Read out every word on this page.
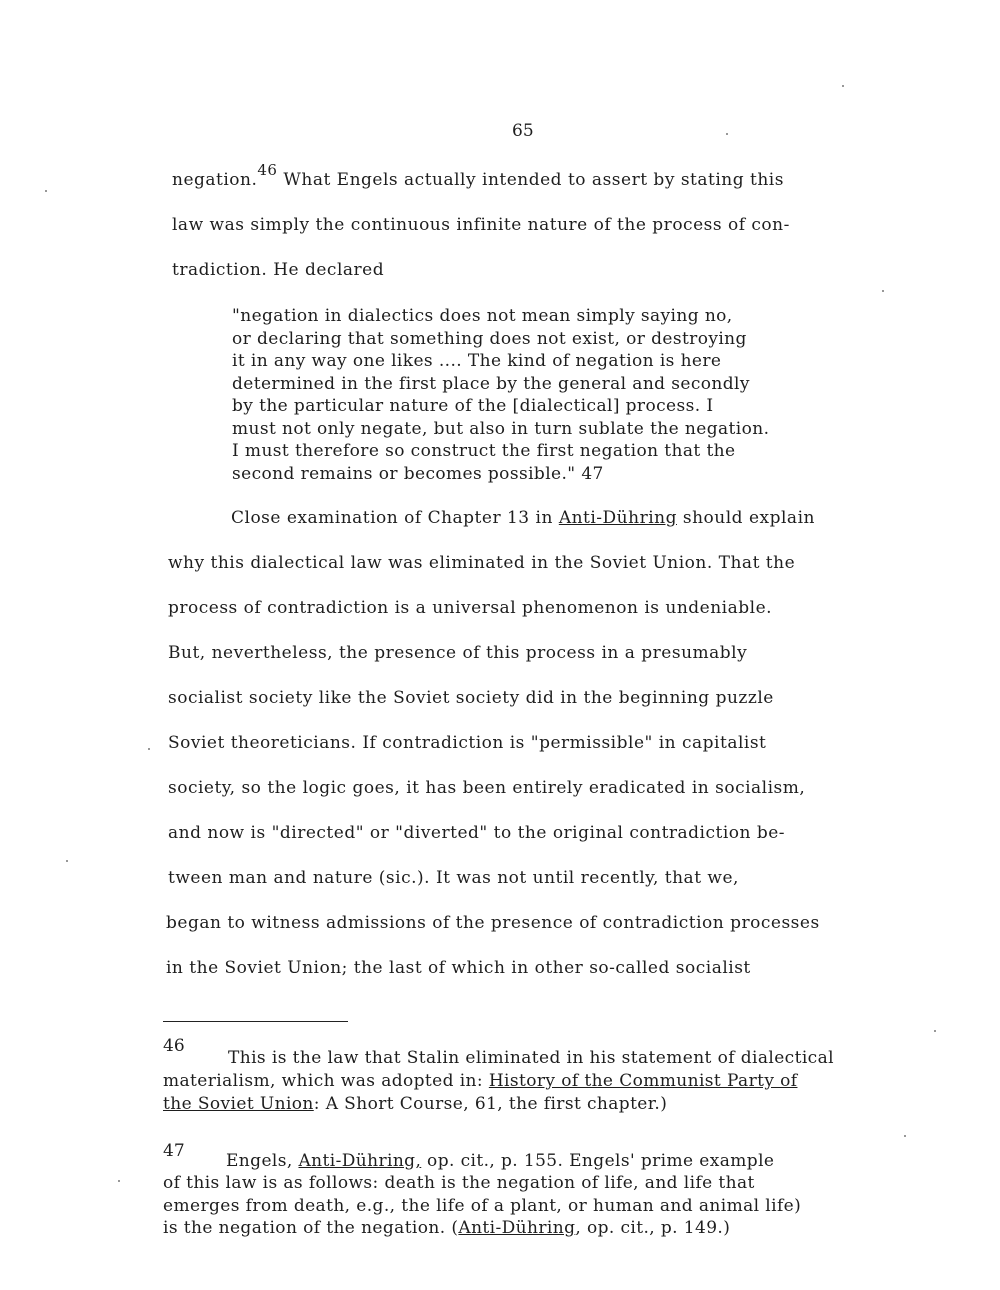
65
negation.46 What Engels actually intended to assert by stating this
law was simply the continuous infinite nature of the process of con-
tradiction. He declared
"negation in dialectics does not mean simply saying no,
or declaring that something does not exist, or destroying
it in any way one likes .... The kind of negation is here
determined in the first place by the general and secondly
by the particular nature of the [dialectical] process. I
must not only negate, but also in turn sublate the negation.
I must therefore so construct the first negation that the
second remains or becomes possible." 47
Close examination of Chapter 13 in Anti-Dühring should explain
why this dialectical law was eliminated in the Soviet Union. That the
process of contradiction is a universal phenomenon is undeniable.
But, nevertheless, the presence of this process in a presumably
socialist society like the Soviet society did in the beginning puzzle
Soviet theoreticians. If contradiction is "permissible" in capitalist
society, so the logic goes, it has been entirely eradicated in socialism,
and now is "directed" or "diverted" to the original contradiction be-
tween man and nature (sic.). It was not until recently, that we,
began to witness admissions of the presence of contradiction processes
in the Soviet Union; the last of which in other so-called socialist
46
This is the law that Stalin eliminated in his statement of dialectical
materialism, which was adopted in: History of the Communist Party of
the Soviet Union: A Short Course, 61, the first chapter.)
47 Engels, Anti-Dühring, op. cit., p. 155. Engels' prime example
of this law is as follows: death is the negation of life, and life that
emerges from death, e.g., the life of a plant, or human and animal life)
is the negation of the negation. (Anti-Dühring, op. cit., p. 149.)
